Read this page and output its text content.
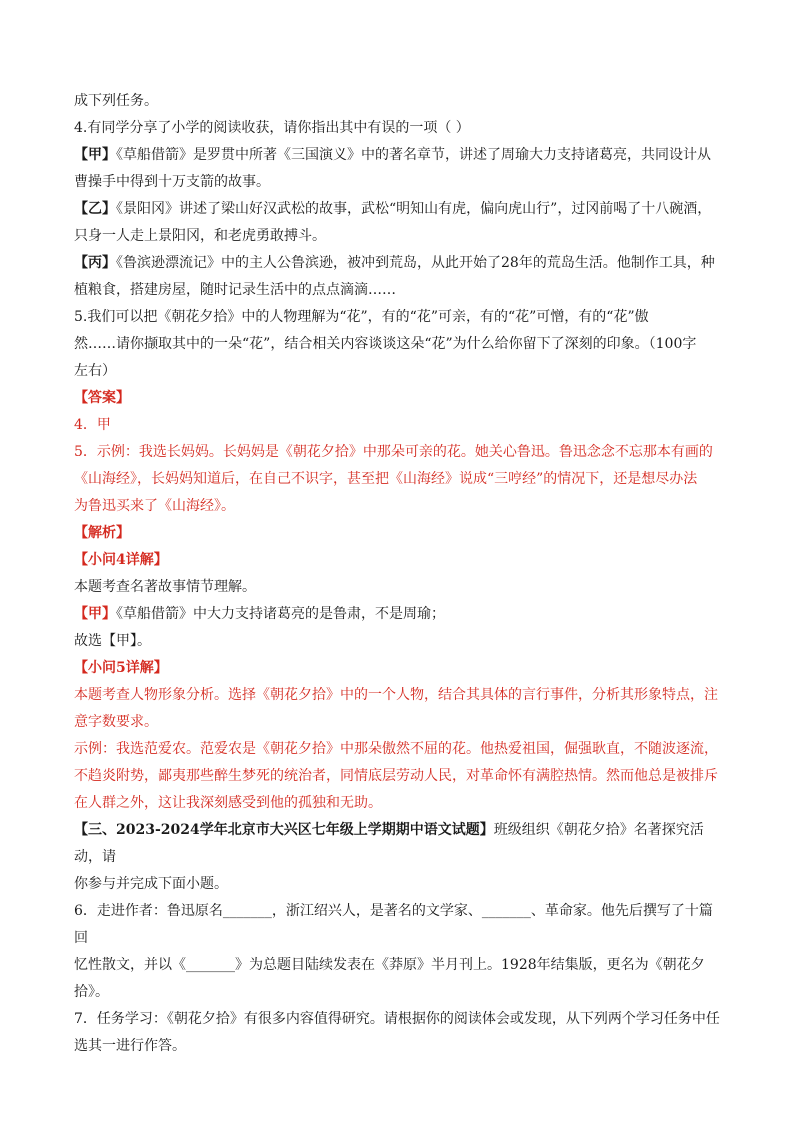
成下列任务。

4.有同学分享了小学的阅读收获，请你指出其中有误的一项（ ）

【甲】《草船借箭》是罗贯中所著《三国演义》中的著名章节，讲述了周瑜大力支持诸葛亮，共同设计从
曹操手中得到十万支箭的故事。

【乙】《景阳冈》讲述了梁山好汉武松的故事，武松“明知山有虎，偏向虎山行”，过冈前喝了十八碗酒，
只身一人走上景阳冈，和老虎勇敢搏斗。

【丙】《鲁滨逊漂流记》中的主人公鲁滨逊，被冲到荒岛，从此开始了28年的荒岛生活。他制作工具，种
植粮食，搭建房屋，随时记录生活中的点点滴滴……

5.我们可以把《朝花夕拾》中的人物理解为“花”，有的“花”可亲，有的“花”可憎，有的“花”傲
然……请你撷取其中的一朵“花”，结合相关内容谈谈这朵“花”为什么给你留下了深刻的印象。（100字
左右）

【答案】

4．甲

5．示例：我选长妈妈。长妈妈是《朝花夕拾》中那朵可亲的花。她关心鲁迅。鲁迅念念不忘那本有画的
《山海经》，长妈妈知道后，在自己不识字，甚至把《山海经》说成“三哼经”的情况下，还是想尽办法
为鲁迅买来了《山海经》。

【解析】

【小问4详解】

本题考查名著故事情节理解。

【甲】《草船借箭》中大力支持诸葛亮的是鲁肃，不是周瑜；

故选【甲】。

【小问5详解】

本题考查人物形象分析。选择《朝花夕拾》中的一个人物，结合其具体的言行事件，分析其形象特点，注
意字数要求。

示例：我选范爱农。范爱农是《朝花夕拾》中那朵傲然不屈的花。他热爱祖国，倔强耿直，不随波逐流，
不趋炎附势，鄙夷那些醉生梦死的统治者，同情底层劳动人民，对革命怀有满腔热情。然而他总是被排斥
在人群之外，这让我深刻感受到他的孤独和无助。

【三、2023-2024学年北京市大兴区七年级上学期期中语文试题】班级组织《朝花夕拾》名著探究活动，请
你参与并完成下面小题。

6．走进作者：鲁迅原名_______，浙江绍兴人，是著名的文学家、_______、革命家。他先后撰写了十篇回
忆性散文，并以《_______》为总题目陆续发表在《莽原》半月刊上。1928年结集版，更名为《朝花夕
拾》。

7．任务学习：《朝花夕拾》有很多内容值得研究。请根据你的阅读体会或发现，从下列两个学习任务中任
选其一进行作答。
